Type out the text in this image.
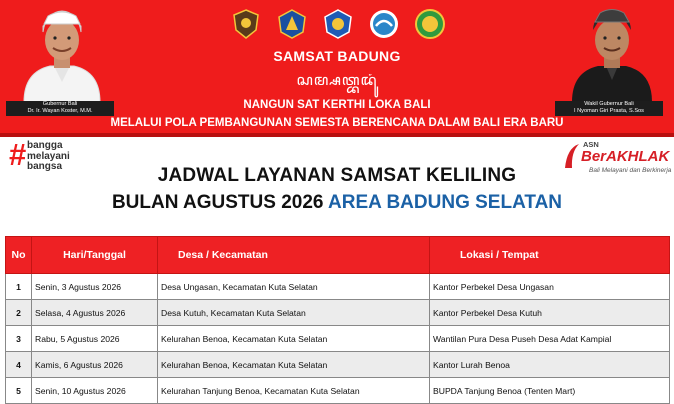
Gubernur Bali
Dr. Ir. Wayan Koster, M.M.
SAMSAT BADUNG
ꦱꦩ꧀ꦱꦠ꧀ꦧꦢꦸꦁ
NANGUN SAT KERTHI LOKA BALI
MELALUI POLA PEMBANGUNAN SEMESTA BERENCANA DALAM BALI ERA BARU
Wakil Gubernur Bali
I Nyoman Giri Prasta, S.Sos
# bangga
melayani
bangsa
ASN
BerAKHLAK
Bali Melayani dan Berkinerja
JADWAL LAYANAN SAMSAT KELILING
BULAN AGUSTUS 2026 AREA BADUNG SELATAN
No	Hari/Tanggal	Desa / Kecamatan	Lokasi / Tempat
1	Senin, 3 Agustus 2026	Desa Ungasan, Kecamatan Kuta Selatan	Kantor Perbekel Desa Ungasan
2	Selasa, 4 Agustus 2026	Desa Kutuh, Kecamatan Kuta Selatan	Kantor Perbekel Desa Kutuh
3	Rabu, 5 Agustus 2026	Kelurahan Benoa, Kecamatan Kuta Selatan	Wantilan Pura Desa Puseh Desa Adat Kampial
4	Kamis, 6 Agustus 2026	Kelurahan Benoa, Kecamatan Kuta Selatan	Kantor Lurah Benoa
5	Senin, 10 Agustus 2026	Kelurahan Tanjung Benoa, Kecamatan Kuta Selatan	BUPDA Tanjung Benoa (Tenten Mart)
